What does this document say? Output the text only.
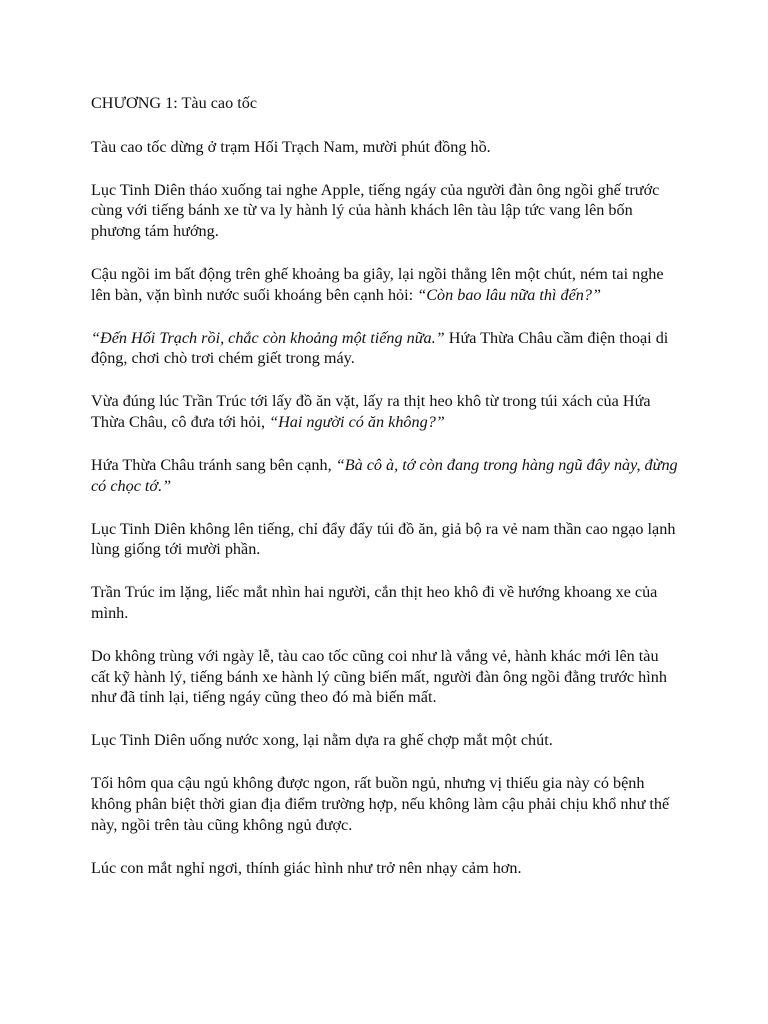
CHƯƠNG 1: Tàu cao tốc

Tàu cao tốc dừng ở trạm Hối Trạch Nam, mười phút đồng hồ.

Lục Tinh Diên tháo xuống tai nghe Apple, tiếng ngáy của người đàn ông ngồi ghế trước cùng với tiếng bánh xe từ va ly hành lý của hành khách lên tàu lập tức vang lên bốn phương tám hướng.

Cậu ngồi im bất động trên ghế khoảng ba giây, lại ngồi thẳng lên một chút, ném tai nghe lên bàn, vặn bình nước suối khoáng bên cạnh hỏi: “Còn bao lâu nữa thì đến?”

“Đến Hối Trạch rồi, chắc còn khoảng một tiếng nữa.” Hứa Thừa Châu cầm điện thoại di động, chơi chò trơi chém giết trong máy.

Vừa đúng lúc Trần Trúc tới lấy đồ ăn vặt, lấy ra thịt heo khô từ trong túi xách của Hứa Thừa Châu, cô đưa tới hỏi, “Hai người có ăn không?”

Hứa Thừa Châu tránh sang bên cạnh, “Bà cô à, tớ còn đang trong hàng ngũ đây này, đừng có chọc tớ.”

Lục Tinh Diên không lên tiếng, chỉ đẩy đẩy túi đồ ăn, giả bộ ra vẻ nam thần cao ngạo lạnh lùng giống tới mười phần.

Trần Trúc im lặng, liếc mắt nhìn hai người, cắn thịt heo khô đi về hướng khoang xe của mình.

Do không trùng với ngày lễ, tàu cao tốc cũng coi như là vắng vẻ, hành khác mới lên tàu cất kỹ hành lý, tiếng bánh xe hành lý cũng biến mất, người đàn ông ngồi đằng trước hình như đã tỉnh lại, tiếng ngáy cũng theo đó mà biến mất.

Lục Tinh Diên uống nước xong, lại nằm dựa ra ghế chợp mắt một chút.

Tối hôm qua cậu ngủ không được ngon, rất buồn ngủ, nhưng vị thiếu gia này có bệnh không phân biệt thời gian địa điểm trường hợp, nếu không làm cậu phải chịu khổ như thế này, ngồi trên tàu cũng không ngủ được.

Lúc con mắt nghỉ ngơi, thính giác hình như trở nên nhạy cảm hơn.
